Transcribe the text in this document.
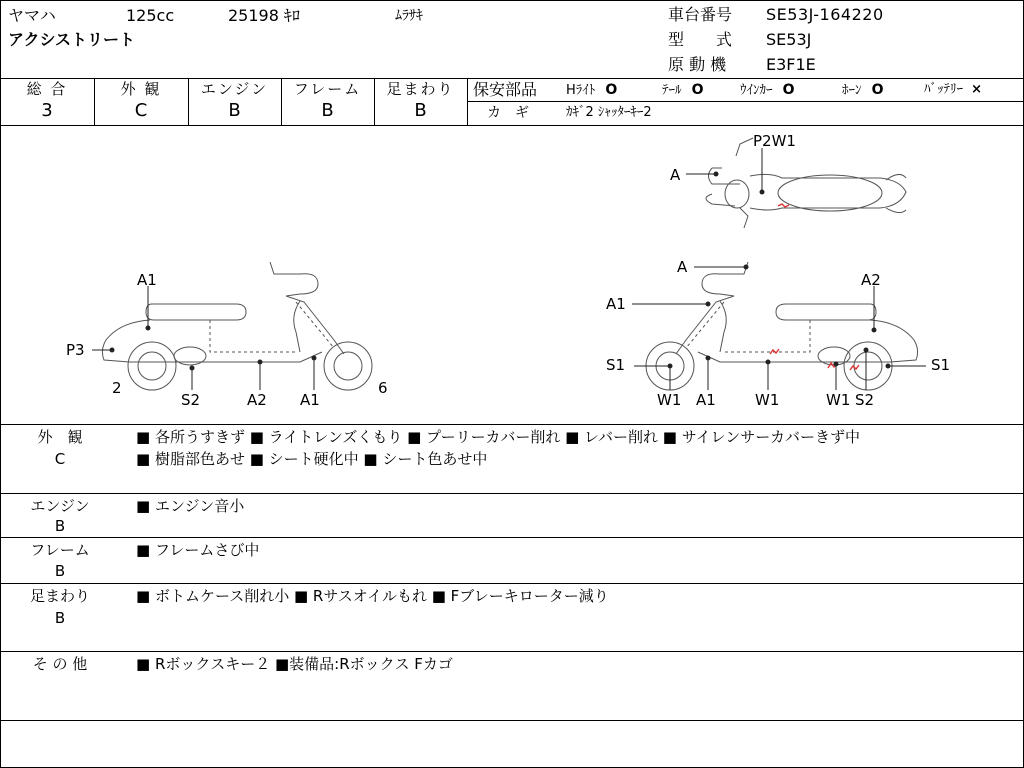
ヤマハ	125cc	25198 ｷﾛ	ﾑﾗｻｷ
アクシストリート
車台番号 SE53J-164220
型　　式 SE53J
原 動 機 E3F1E
総 合
3
外 観
C
エンジン
B
フレーム
B
足まわり
B
保安部品 Hﾗｲﾄ O	ﾃｰﾙ O	ｳｲﾝｶｰ O	ﾎｰﾝ O	ﾊﾞｯﾃﾘｰ ×
カ　ギ	ｶｷﾞ2 ｼｬｯﾀｰｷｰ2
P2W1
A
A1
P3
2
S2	A2 A1
6
A
A2
A1
S1	S1
W1 A1	W1	W1 S2
外　観
C
■ 各所うすきず ■ ライトレンズくもり ■ プーリーカバー削れ ■ レバー削れ ■ サイレンサーカバーきず中
■ 樹脂部色あせ ■ シート硬化中 ■ シート色あせ中
エンジン
B
■ エンジン音小
フレーム
B
■ フレームさび中
足まわり
B
■ ボトムケース削れ小 ■ Rサスオイルもれ ■ Fブレーキローター減り
そ の 他	■ Rボックスキー２ ■装備品:Rボックス Fカゴ
